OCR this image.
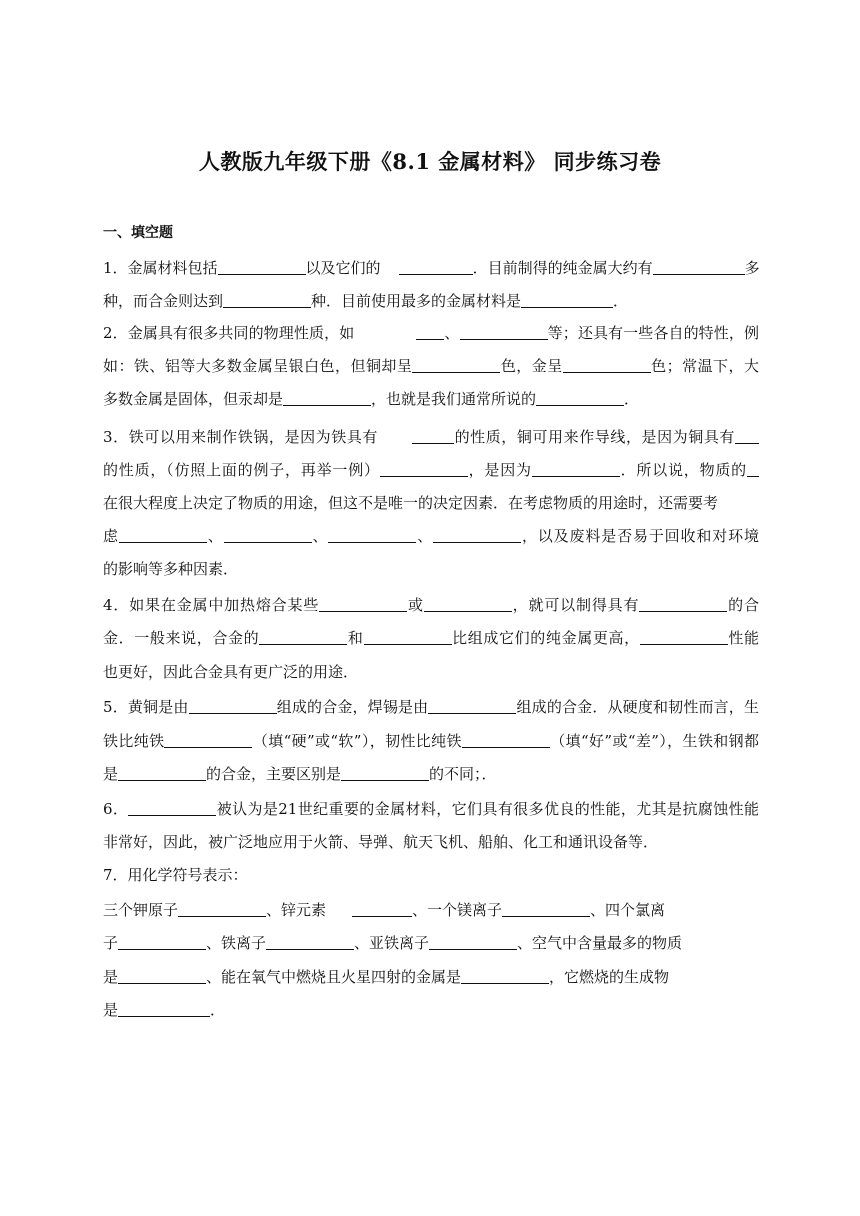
人教版九年级下册《8.1 金属材料》 同步练习卷
一、填空题
1．金属材料包括	以及它们的	．目前制得的纯金属大约有	多
种，而合金则达到	种．目前使用最多的金属材料是	．
2．金属具有很多共同的物理性质，如	、	等；还具有一些各自的特性，例
如：铁、铝等大多数金属呈银白色，但铜却呈	色，金呈	色；常温下，大
多数金属是固体，但汞却是	，也就是我们通常所说的	．
3．铁可以用来制作铁锅，是因为铁具有	的性质，铜可用来作导线，是因为铜具有
的性质，（仿照上面的例子，再举一例）	，是因为	．所以说，物质的
在很大程度上决定了物质的用途，但这不是唯一的决定因素．在考虑物质的用途时，还需要考
虑	、	、	、	，以及废料是否易于回收和对环境
的影响等多种因素．
4．如果在金属中加热熔合某些	或	，就可以制得具有	的合
金．一般来说，合金的	和	比组成它们的纯金属更高，	性能
也更好，因此合金具有更广泛的用途．
5．黄铜是由	组成的合金，焊锡是由	组成的合金．从硬度和韧性而言，生
铁比纯铁	（填“硬”或“软”），韧性比纯铁	（填“好”或“差”），生铁和钢都
是	的合金，主要区别是	的不同；．
6．	被认为是21世纪重要的金属材料，它们具有很多优良的性能，尤其是抗腐蚀性能
非常好，因此，被广泛地应用于火箭、导弹、航天飞机、船舶、化工和通讯设备等．
7．用化学符号表示：
三个钾原子	、锌元素	、一个镁离子	、四个氯离
子	、铁离子	、亚铁离子	、空气中含量最多的物质
是	、能在氧气中燃烧且火星四射的金属是	，它燃烧的生成物
是	．
